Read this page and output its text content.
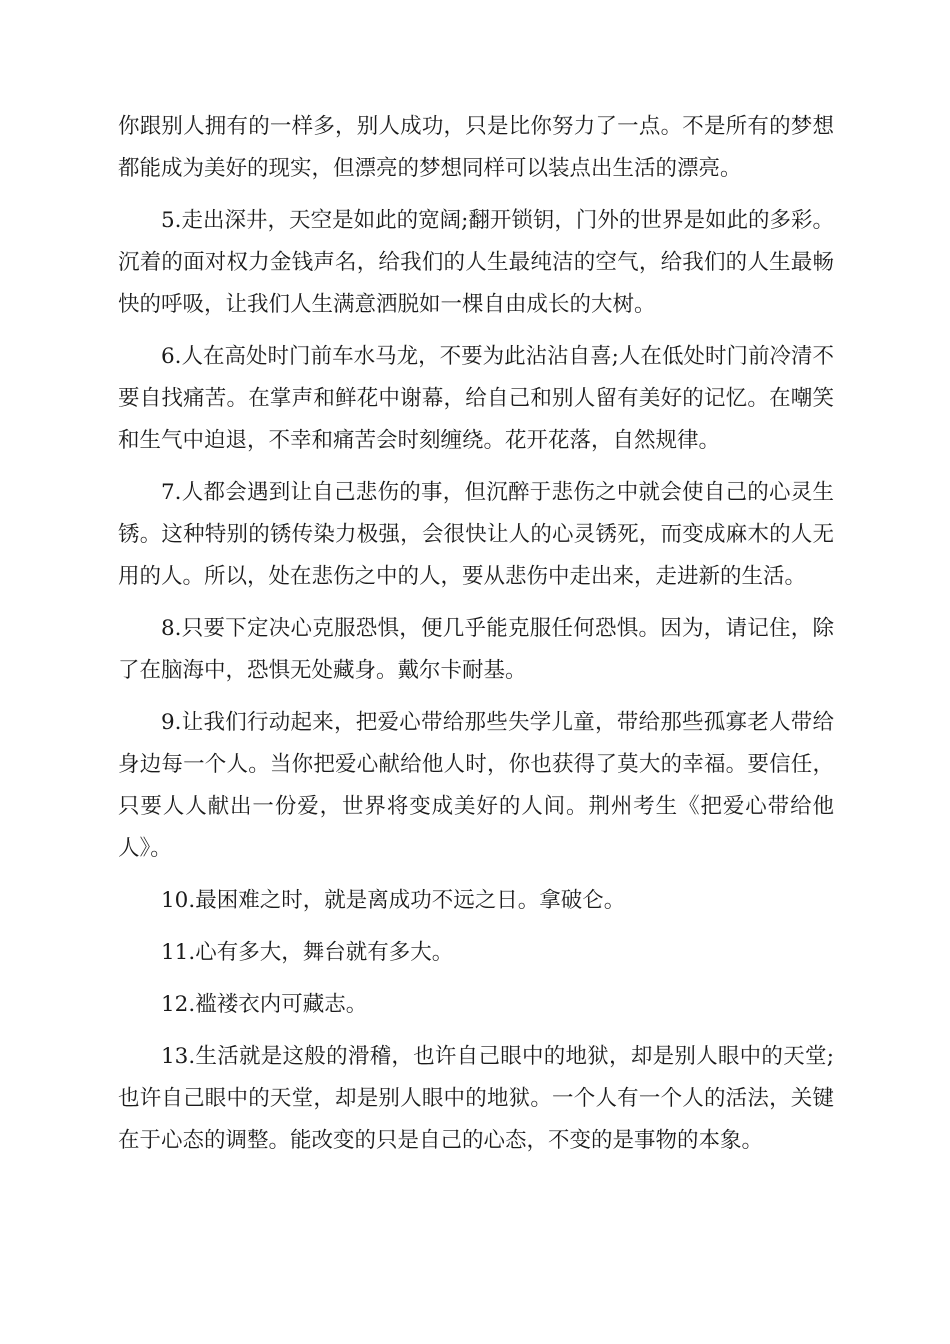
你跟别人拥有的一样多，别人成功，只是比你努力了一点。不是所有的梦想都能成为美好的现实，但漂亮的梦想同样可以装点出生活的漂亮。

5.走出深井，天空是如此的宽阔;翻开锁钥，门外的世界是如此的多彩。沉着的面对权力金钱声名，给我们的人生最纯洁的空气，给我们的人生最畅快的呼吸，让我们人生满意洒脱如一棵自由成长的大树。

6.人在高处时门前车水马龙，不要为此沾沾自喜;人在低处时门前冷清不要自找痛苦。在掌声和鲜花中谢幕，给自己和别人留有美好的记忆。在嘲笑和生气中迫退，不幸和痛苦会时刻缠绕。花开花落，自然规律。

7.人都会遇到让自己悲伤的事，但沉醉于悲伤之中就会使自己的心灵生锈。这种特别的锈传染力极强，会很快让人的心灵锈死，而变成麻木的人无用的人。所以，处在悲伤之中的人，要从悲伤中走出来，走进新的生活。

8.只要下定决心克服恐惧，便几乎能克服任何恐惧。因为，请记住，除了在脑海中，恐惧无处藏身。戴尔卡耐基。

9.让我们行动起来，把爱心带给那些失学儿童，带给那些孤寡老人带给身边每一个人。当你把爱心献给他人时，你也获得了莫大的幸福。要信任，只要人人献出一份爱，世界将变成美好的人间。荆州考生《把爱心带给他人》。

10.最困难之时，就是离成功不远之日。拿破仑。

11.心有多大，舞台就有多大。

12.褴褛衣内可藏志。

13.生活就是这般的滑稽，也许自己眼中的地狱，却是别人眼中的天堂;也许自己眼中的天堂，却是别人眼中的地狱。一个人有一个人的活法，关键在于心态的调整。能改变的只是自己的心态，不变的是事物的本象。
